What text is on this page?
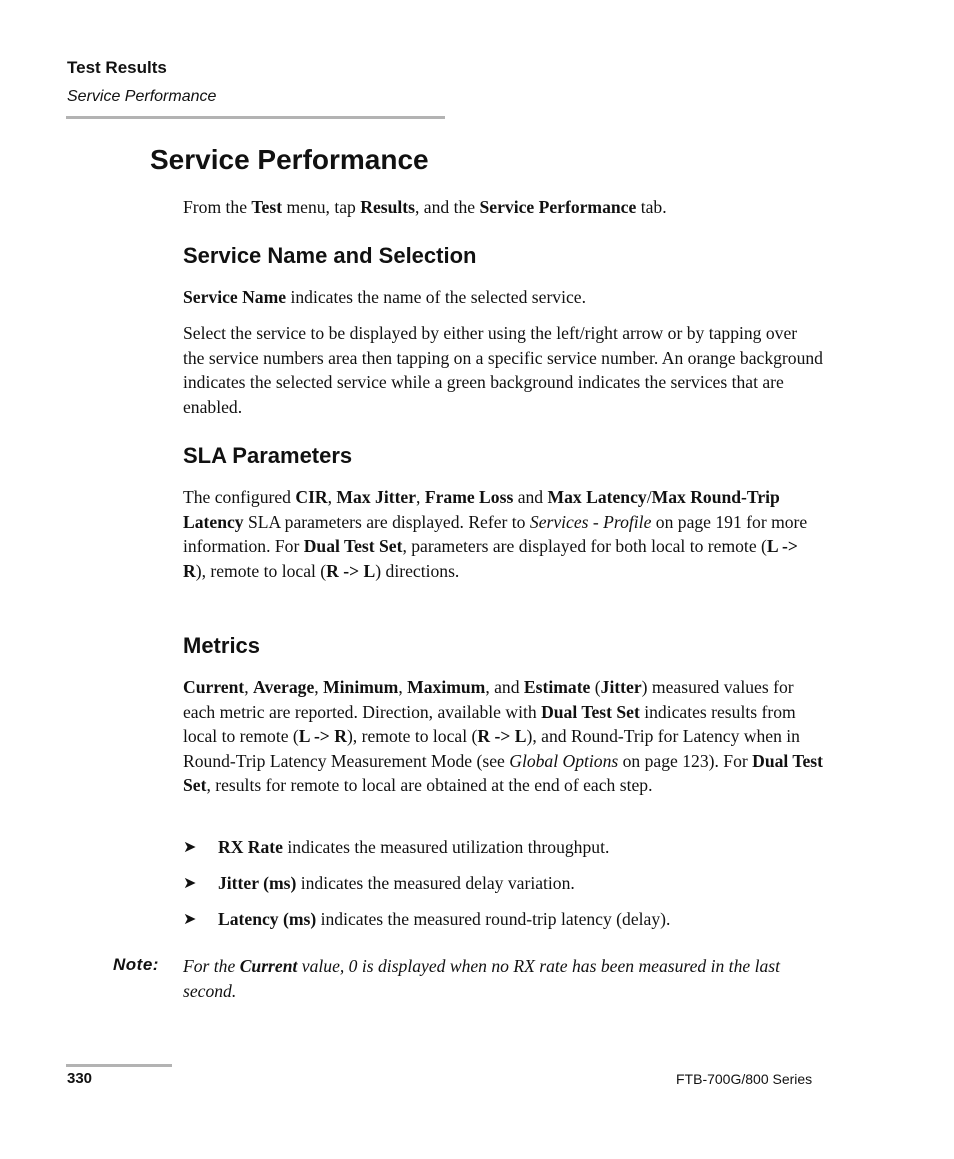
Test Results
Service Performance
Service Performance
From the Test menu, tap Results, and the Service Performance tab.
Service Name and Selection
Service Name indicates the name of the selected service.
Select the service to be displayed by either using the left/right arrow or by tapping over the service numbers area then tapping on a specific service number. An orange background indicates the selected service while a green background indicates the services that are enabled.
SLA Parameters
The configured CIR, Max Jitter, Frame Loss and Max Latency/Max Round-Trip Latency SLA parameters are displayed. Refer to Services - Profile on page 191 for more information. For Dual Test Set, parameters are displayed for both local to remote (L -> R), remote to local (R -> L) directions.
Metrics
Current, Average, Minimum, Maximum, and Estimate (Jitter) measured values for each metric are reported. Direction, available with Dual Test Set indicates results from local to remote (L -> R), remote to local (R -> L), and Round-Trip for Latency when in Round-Trip Latency Measurement Mode (see Global Options on page 123). For Dual Test Set, results for remote to local are obtained at the end of each step.
➤ RX Rate indicates the measured utilization throughput.
➤ Jitter (ms) indicates the measured delay variation.
➤ Latency (ms) indicates the measured round-trip latency (delay).
Note: For the Current value, 0 is displayed when no RX rate has been measured in the last second.
330	FTB-700G/800 Series
